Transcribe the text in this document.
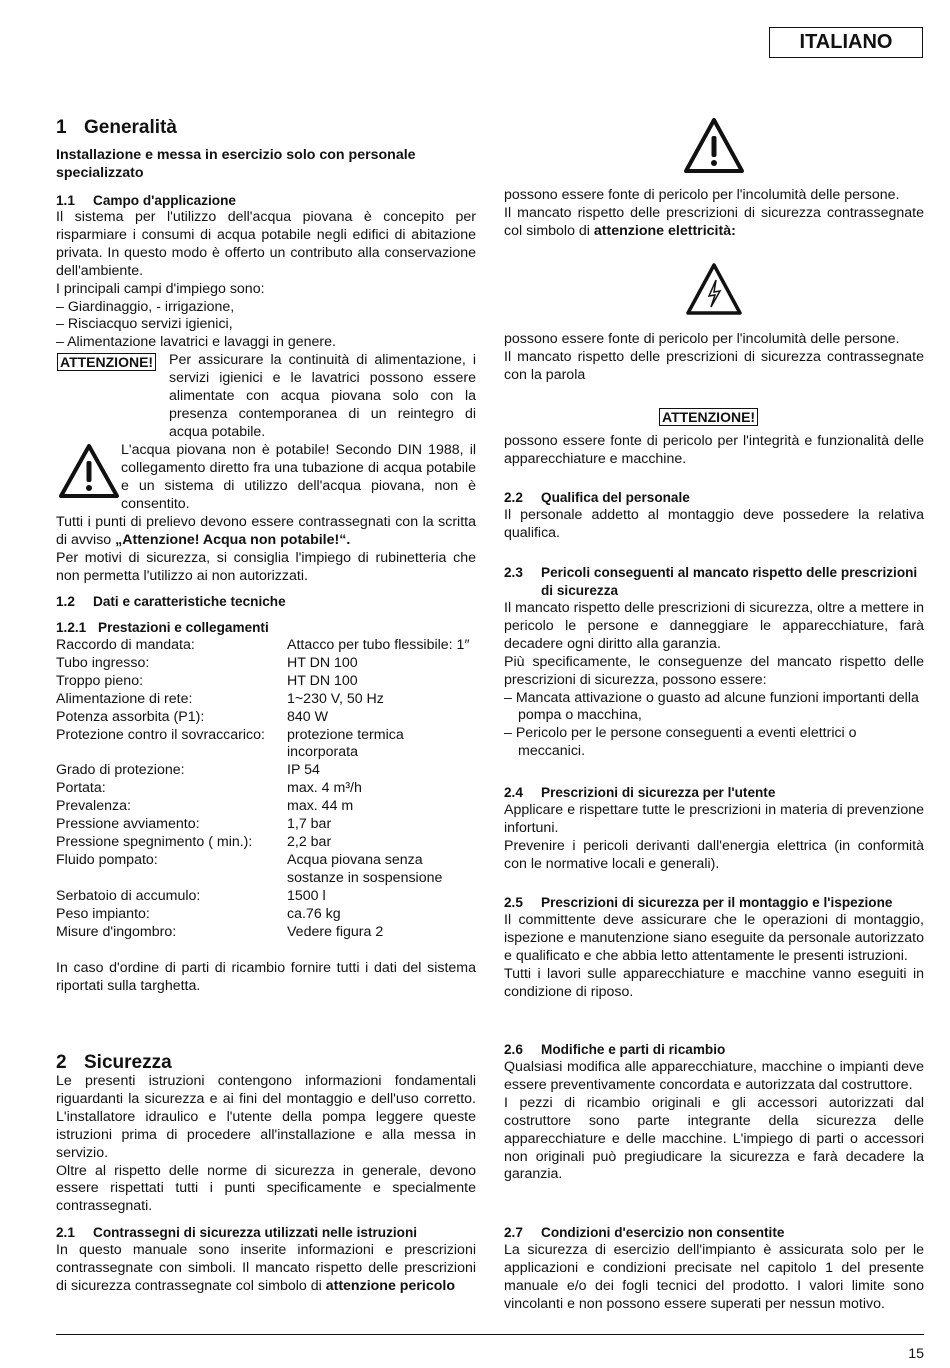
ITALIANO
1 Generalità

Installazione e messa in esercizio solo con personale specializzato

1.1 Campo d'applicazione

Il sistema per l'utilizzo dell'acqua piovana è concepito per risparmiare i consumi di acqua potabile negli edifici di abitazione privata. In questo modo è offerto un contributo alla conservazione dell'ambiente.

I principali campi d'impiego sono:

– Giardinaggio, - irrigazione,
– Risciacquo servizi igienici,
– Alimentazione lavatrici e lavaggi in genere.
ATTENZIONE! Per assicurare la continuità di alimentazione, i servizi igienici e le lavatrici possono essere alimentate con acqua piovana solo con la presenza contemporanea di un reintegro di acqua potabile.

L'acqua piovana non è potabile! Secondo DIN 1988, il collegamento diretto fra una tubazione di acqua potabile e un sistema di utilizzo dell'acqua piovana, non è consentito.

Tutti i punti di prelievo devono essere contrassegnati con la scritta di avviso „Attenzione! Acqua non potabile!“.

Per motivi di sicurezza, si consiglia l'impiego di rubinetteria che non permetta l'utilizzo ai non autorizzati.

1.2 Dati e caratteristiche tecniche
1.2.1 Prestazioni e collegamenti
Raccordo di mandata:	Attacco per tubo flessibile: 1″
Tubo ingresso:	HT DN 100
Troppo pieno:	HT DN 100
Alimentazione di rete:	1~230 V, 50 Hz
Potenza assorbita (P1):	840 W
Protezione contro il sovraccarico:	protezione termica incorporata
Grado di protezione:	IP 54
Portata:	max. 4 m³/h
Prevalenza:	max. 44 m
Pressione avviamento:	1,7 bar
Pressione spegnimento ( min.):	2,2 bar
Fluido pompato:	Acqua piovana senza sostanze in sospensione
Serbatoio di accumulo:	1500 l
Peso impianto:	ca.76 kg
Misure d'ingombro:	Vedere figura 2

In caso d'ordine di parti di ricambio fornire tutti i dati del sistema riportati sulla targhetta.

2 Sicurezza

Le presenti istruzioni contengono informazioni fondamentali riguardanti la sicurezza e ai fini del montaggio e dell'uso corretto. L'installatore idraulico e l'utente della pompa leggere queste istruzioni prima di procedere all'installazione e alla messa in servizio.

Oltre al rispetto delle norme di sicurezza in generale, devono essere rispettati tutti i punti specificamente e specialmente contrassegnati.

2.1 Contrassegni di sicurezza utilizzati nelle istruzioni

In questo manuale sono inserite informazioni e prescrizioni contrassegnate con simboli. Il mancato rispetto delle prescrizioni di sicurezza contrassegnate col simbolo di attenzione pericolo

possono essere fonte di pericolo per l'incolumità delle persone.

Il mancato rispetto delle prescrizioni di sicurezza contrassegnate col simbolo di attenzione elettricità:

possono essere fonte di pericolo per l'incolumità delle persone.

Il mancato rispetto delle prescrizioni di sicurezza contrassegnate con la parola

ATTENZIONE!

possono essere fonte di pericolo per l'integrità e funzionalità delle apparecchiature e macchine.

2.2 Qualifica del personale

Il personale addetto al montaggio deve possedere la relativa qualifica.

2.3 Pericoli conseguenti al mancato rispetto delle prescrizioni di sicurezza

Il mancato rispetto delle prescrizioni di sicurezza, oltre a mettere in pericolo le persone e danneggiare le apparecchiature, farà decadere ogni diritto alla garanzia.

Più specificamente, le conseguenze del mancato rispetto delle prescrizioni di sicurezza, possono essere:

– Mancata attivazione o guasto ad alcune funzioni importanti della pompa o macchina,
– Pericolo per le persone conseguenti a eventi elettrici o meccanici.
2.4 Prescrizioni di sicurezza per l'utente

Applicare e rispettare tutte le prescrizioni in materia di prevenzione infortuni.

Prevenire i pericoli derivanti dall'energia elettrica (in conformità con le normative locali e generali).

2.5 Prescrizioni di sicurezza per il montaggio e l'ispezione

Il committente deve assicurare che le operazioni di montaggio, ispezione e manutenzione siano eseguite da personale autorizzato e qualificato e che abbia letto attentamente le presenti istruzioni.

Tutti i lavori sulle apparecchiature e macchine vanno eseguiti in condizione di riposo.

2.6 Modifiche e parti di ricambio

Qualsiasi modifica alle apparecchiature, macchine o impianti deve essere preventivamente concordata e autorizzata dal costruttore.

I pezzi di ricambio originali e gli accessori autorizzati dal costruttore sono parte integrante della sicurezza delle apparecchiature e delle macchine. L'impiego di parti o accessori non originali può pregiudicare la sicurezza e farà decadere la garanzia.

2.7 Condizioni d'esercizio non consentite

La sicurezza di esercizio dell'impianto è assicurata solo per le applicazioni e condizioni precisate nel capitolo 1 del presente manuale e/o dei fogli tecnici del prodotto. I valori limite sono vincolanti e non possono essere superati per nessun motivo.

15
